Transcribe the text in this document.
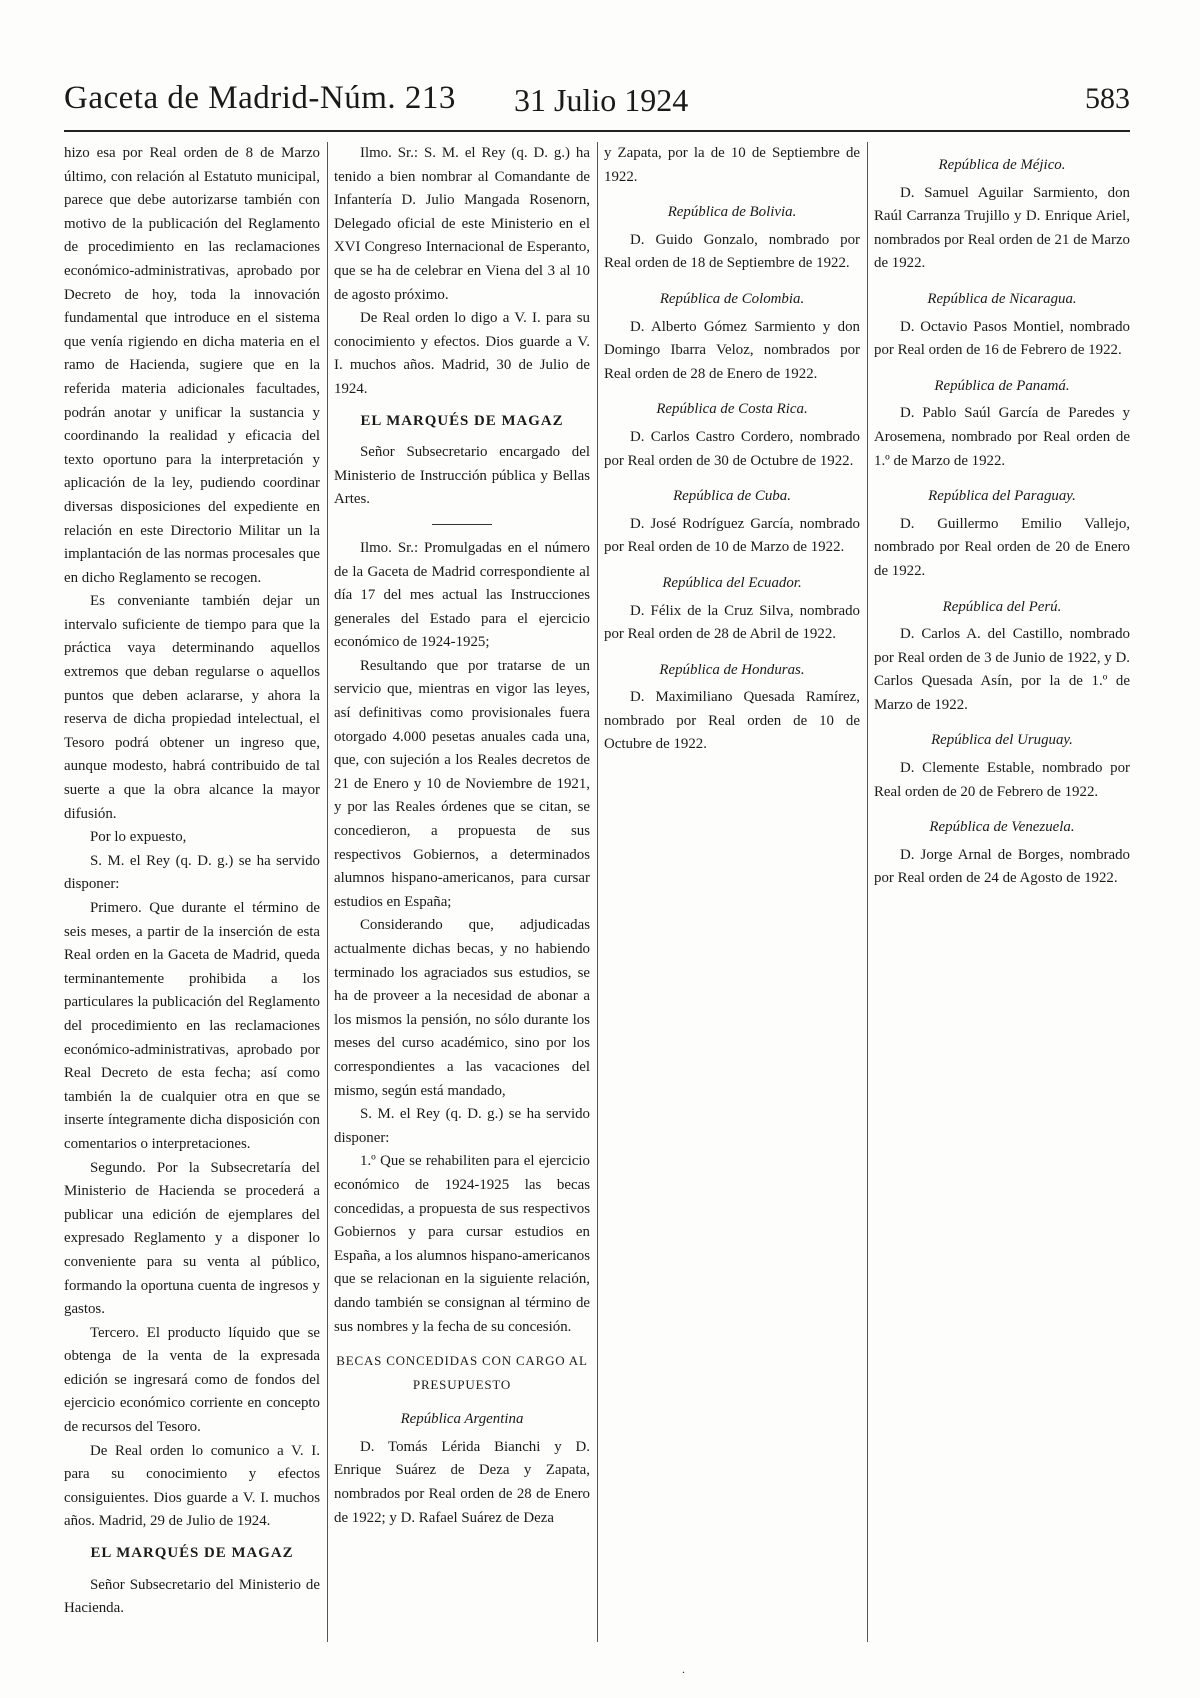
Gaceta de Madrid-Núm. 213 31 Julio 1924	583

hizo esa por Real orden de 8 de Marzo último, con relación al Estatuto municipal, parece que debe autorizarse también con motivo de la publicación del Reglamento de procedimiento en las reclamaciones económico-administrativas, aprobado por Decreto de hoy, toda la innovación fundamental que introduce en el sistema que venía rigiendo en dicha materia en el ramo de Hacienda, sugiere que en la referida materia adicionales facultades, podrán anotar y unificar la sustancia y coordinando la realidad y eficacia del texto oportuno para la interpretación y aplicación de la ley, pudiendo coordinar diversas disposiciones del expediente en relación en este Directorio Militar un la implantación de las normas procesales que en dicho Reglamento se recogen.

Es conveniante también dejar un intervalo suficiente de tiempo para que la práctica vaya determinando aquellos extremos que deban regularse o aquellos puntos que deben aclararse, y ahora la reserva de dicha propiedad intelectual, el Tesoro podrá obtener un ingreso que, aunque modesto, habrá contribuido de tal suerte a que la obra alcance la mayor difusión.

Por lo expuesto,

S. M. el Rey (q. D. g.) se ha servido disponer:

Primero. Que durante el término de seis meses, a partir de la inserción de esta Real orden en la Gaceta de Madrid, queda terminantemente prohibida a los particulares la publicación del Reglamento del procedimiento en las reclamaciones económico-administrativas, aprobado por Real Decreto de esta fecha; así como también la de cualquier otra en que se inserte íntegramente dicha disposición con comentarios o interpretaciones.

Segundo. Por la Subsecretaría del Ministerio de Hacienda se procederá a publicar una edición de ejemplares del expresado Reglamento y a disponer lo conveniente para su venta al público, formando la oportuna cuenta de ingresos y gastos.

Tercero. El producto líquido que se obtenga de la venta de la expresada edición se ingresará como de fondos del ejercicio económico corriente en concepto de recursos del Tesoro.

De Real orden lo comunico a V. I. para su conocimiento y efectos consiguientes. Dios guarde a V. I. muchos años. Madrid, 29 de Julio de 1924.

EL MARQUÉS DE MAGAZ

Señor Subsecretario del Ministerio de Hacienda.

Ilmo. Sr.: S. M. el Rey (q. D. g.) ha tenido a bien nombrar al Comandante de Infantería D. Julio Mangada Rosenorn, Delegado oficial de este Ministerio en el XVI Congreso Internacional de Esperanto, que se ha de celebrar en Viena del 3 al 10 de agosto próximo.

De Real orden lo digo a V. I. para su conocimiento y efectos. Dios guarde a V. I. muchos años. Madrid, 30 de Julio de 1924.

EL MARQUÉS DE MAGAZ

Señor Subsecretario encargado del Ministerio de Instrucción pública y Bellas Artes.

Ilmo. Sr.: Promulgadas en el número de la Gaceta de Madrid correspondiente al día 17 del mes actual las Instrucciones generales del Estado para el ejercicio económico de 1924-1925;

Resultando que por tratarse de un servicio que, mientras en vigor las leyes, así definitivas como provisionales fuera otorgado 4.000 pesetas anuales cada una, que, con sujeción a los Reales decretos de 21 de Enero y 10 de Noviembre de 1921, y por las Reales órdenes que se citan, se concedieron, a propuesta de sus respectivos Gobiernos, a determinados alumnos hispano-americanos, para cursar estudios en España;

Considerando que, adjudicadas actualmente dichas becas, y no habiendo terminado los agraciados sus estudios, se ha de proveer a la necesidad de abonar a los mismos la pensión, no sólo durante los meses del curso académico, sino por los correspondientes a las vacaciones del mismo, según está mandado,

S. M. el Rey (q. D. g.) se ha servido disponer:

1.º Que se rehabiliten para el ejercicio económico de 1924-1925 las becas concedidas, a propuesta de sus respectivos Gobiernos y para cursar estudios en España, a los alumnos hispano-americanos que se relacionan en la siguiente relación, dando también se consignan al término de sus nombres y la fecha de su concesión.

BECAS CONCEDIDAS CON CARGO AL PRESUPUESTO

República Argentina

D. Tomás Lérida Bianchi y D. Enrique Suárez de Deza y Zapata, nombrados por Real orden de 28 de Enero de 1922; y D. Rafael Suárez de Deza

y Zapata, por la de 10 de Septiembre de 1922.

República de Bolivia.

D. Guido Gonzalo, nombrado por Real orden de 18 de Septiembre de 1922.

República de Colombia.

D. Alberto Gómez Sarmiento y don Domingo Ibarra Veloz, nombrados por Real orden de 28 de Enero de 1922.

República de Costa Rica.

D. Carlos Castro Cordero, nombrado por Real orden de 30 de Octubre de 1922.

República de Cuba.

D. José Rodríguez García, nombrado por Real orden de 10 de Marzo de 1922.

República del Ecuador.

D. Félix de la Cruz Silva, nombrado por Real orden de 28 de Abril de 1922.

República de Honduras.

D. Maximiliano Quesada Ramírez, nombrado por Real orden de 10 de Octubre de 1922.

República de Méjico.

D. Samuel Aguilar Sarmiento, don Raúl Carranza Trujillo y D. Enrique Ariel, nombrados por Real orden de 21 de Marzo de 1922.

República de Nicaragua.

D. Octavio Pasos Montiel, nombrado por Real orden de 16 de Febrero de 1922.

República de Panamá.

D. Pablo Saúl García de Paredes y Arosemena, nombrado por Real orden de 1.º de Marzo de 1922.

República del Paraguay.

D. Guillermo Emilio Vallejo, nombrado por Real orden de 20 de Enero de 1922.

República del Perú.

D. Carlos A. del Castillo, nombrado por Real orden de 3 de Junio de 1922, y D. Carlos Quesada Asín, por la de 1.º de Marzo de 1922.

República del Uruguay.

D. Clemente Estable, nombrado por Real orden de 20 de Febrero de 1922.

República de Venezuela.

D. Jorge Arnal de Borges, nombrado por Real orden de 24 de Agosto de 1922.

.
